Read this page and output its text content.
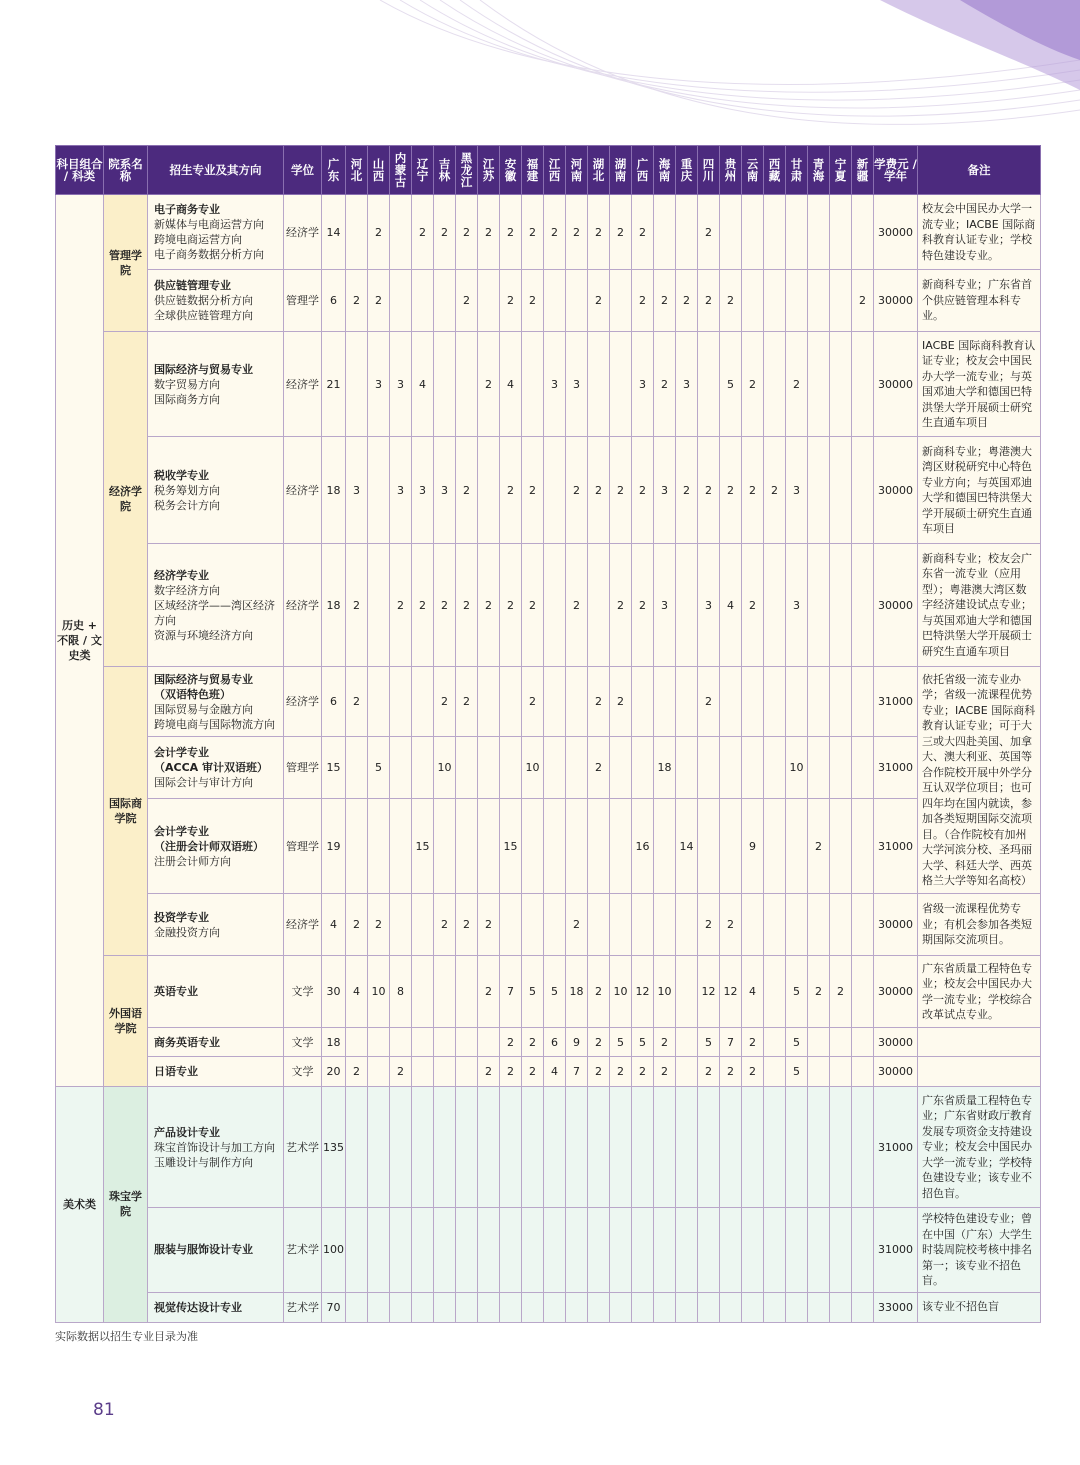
科目组合 / 科类	院系名称	招生专业及其方向	学位	广东	河北	山西	内蒙古	辽宁	吉林	黑龙江	江苏	安徽	福建	江西	河南	湖北	湖南	广西	海南	重庆	四川	贵州	云南	西藏	甘肃	青海	宁夏	新疆	学费元 / 学年	备注
历史 + 不限 / 文史类	管理学院	电子商务专业
新媒体与电商运营方向
跨境电商运营方向
电子商务数据分析方向	经济学	14		2		2	2	2	2	2	2	2	2	2	2	2			2								30000	校友会中国民办大学一流专业；IACBE 国际商科教育认证专业；学校特色建设专业。

		供应链管理专业
供应链数据分析方向
全球供应链管理方向	管理学	6	2	2				2		2	2			2		2	2	2	2	2						2	30000	新商科专业；广东省首个供应链管理本科专业。
	经济学院	国际经济与贸易专业
数字贸易方向
国际商务方向	经济学	21		3	3	4			2	4		3	3			3	2	3		5	2		2				30000	IACBE 国际商科教育认证专业；校友会中国民办大学一流专业；与英国邓迪大学和德国巴特洪堡大学开展硕士研究生直通车项目

		税收学专业
税务筹划方向
税务会计方向	经济学	18	3		3	3	3	2		2	2		2	2	2	2	3	2	2	2	2	2	3				30000	新商科专业；粤港澳大湾区财税研究中心特色专业方向；与英国邓迪大学和德国巴特洪堡大学开展硕士研究生直通车项目

		经济学专业
数字经济方向
区域经济学——湾区经济方向
资源与环境经济方向	经济学	18	2		2	2	2	2	2	2	2		2		2	2	3		3	4	2		3				30000	新商科专业；校友会广东省一流专业（应用型）；粤港澳大湾区数字经济建设试点专业；与英国邓迪大学和德国巴特洪堡大学开展硕士研究生直通车项目
	国际商学院	国际经济与贸易专业
（双语特色班）
国际贸易与金融方向
跨境电商与国际物流方向	经济学	6	2				2	2			2			2	2				2								31000	依托省级一流专业办学；省级一流课程优势专业；IACBE 国际商科教育认证专业；可于大三或大四赴美国、加拿大、澳大利亚、英国等合作院校开展中外学分互认双学位项目；也可四年均在国内就读，参加各类短期国际交流项目。（合作院校有加州大学河滨分校、圣玛丽大学、科廷大学、西英格兰大学等知名高校）

		会计学专业
（ACCA 审计双语班）
国际会计与审计方向	管理学	15		5			10				10			2			18						10				31000	

		会计学专业
（注册会计师双语班）
注册会计师方向	管理学	19				15				15						16		14			9			2			31000	

		投资学专业
金融投资方向	经济学	4	2	2			2	2	2				2						2	2							30000	省级一流课程优势专业；有机会参加各类短期国际交流项目。
	外国语学院	英语专业	文学	30	4	10	8				2	7	5	5	18	2	10	12	10		12	12	4		5	2	2		30000	广东省质量工程特色专业；校友会中国民办大学一流专业；学校综合改革试点专业。

		商务英语专业	文学	18								2	2	6	9	2	5	5	2		5	7	2		5				30000	

		日语专业	文学	20	2		2				2	2	2	4	7	2	2	2	2		2	2	2		5				30000	
美术类	珠宝学院	产品设计专业
珠宝首饰设计与加工方向
玉雕设计与制作方向	艺术学	135																									31000	广东省质量工程特色专业；广东省财政厅教育发展专项资金支持建设专业；校友会中国民办大学一流专业；学校特色建设专业；该专业不招色盲。

		服装与服饰设计专业	艺术学	100																									31000	学校特色建设专业；曾在中国（广东）大学生时装周院校考核中排名第一；该专业不招色盲。

		视觉传达设计专业	艺术学	70																									33000	该专业不招色盲
实际数据以招生专业目录为准
81
